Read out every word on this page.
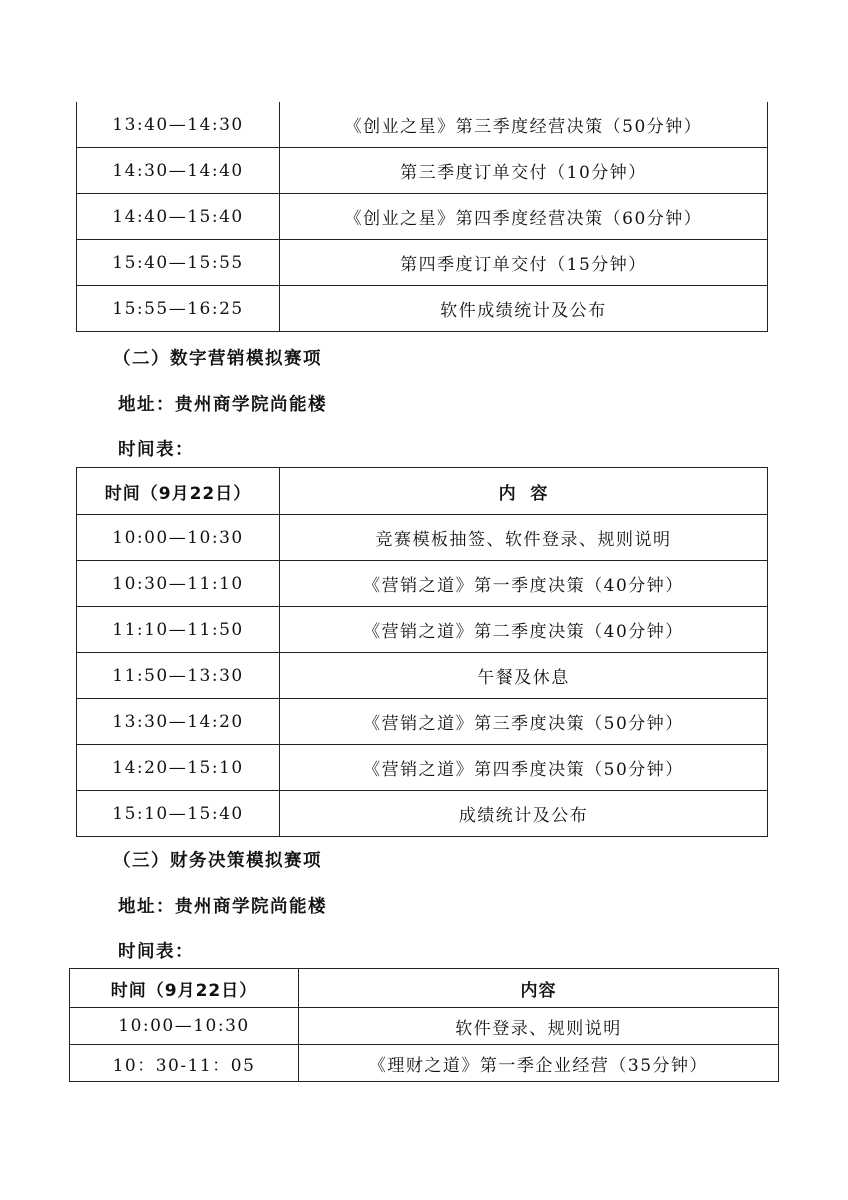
13:40—14:30	《创业之星》第三季度经营决策（50分钟）
14:30—14:40	第三季度订单交付（10分钟）
14:40—15:40	《创业之星》第四季度经营决策（60分钟）
15:40—15:55	第四季度订单交付（15分钟）
15:55—16:25	软件成绩统计及公布
（二）数字营销模拟赛项
地址：贵州商学院尚能楼
时间表：
时间（9月22日）	内  容
10:00—10:30	竞赛模板抽签、软件登录、规则说明
10:30—11:10	《营销之道》第一季度决策（40分钟）
11:10—11:50	《营销之道》第二季度决策（40分钟）
11:50—13:30	午餐及休息
13:30—14:20	《营销之道》第三季度决策（50分钟）
14:20—15:10	《营销之道》第四季度决策（50分钟）
15:10—15:40	成绩统计及公布
（三）财务决策模拟赛项
地址：贵州商学院尚能楼
时间表：
时间（9月22日）	内容
10:00—10:30	软件登录、规则说明
10：30-11：05	《理财之道》第一季企业经营（35分钟）
